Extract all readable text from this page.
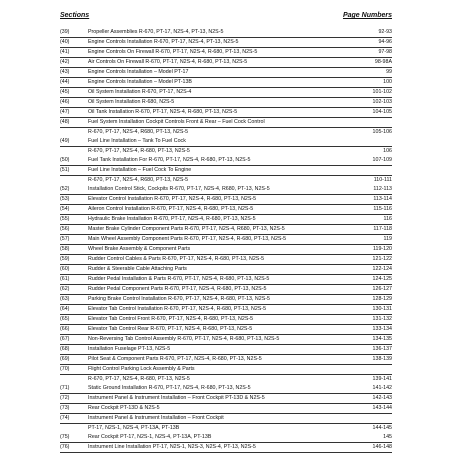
Sections	Page Numbers
(39)	Propeller Assemblies R-670, PT-17, N2S-4, PT-13, N2S-5	92-93
(40)	Engine Controls Installation R-670, PT-17, N2S-4, PT-13, N2S-5	94-96
(41)	Engine Controls On Firewall R-670, PT-17, N2S-4, R-680, PT-13, N2S-5	97-98
(42)	Air Controls On Firewall R-670, PT-17, N2S-4, R-680, PT-13, N2S-5	98-98A
(43)	Engine Controls Installation – Model PT-17	99
(44)	Engine Controls Installation – Model PT-13B	100
(45)	Oil System Installation R-670, PT-17, N2S-4	101-102
(46)	Oil System Installation R-680, N2S-5	102-103
(47)	Oil Tank Installation R-670, PT-17, N2S-4, R-680, PT-13, N2S-5	104-105
(48)	Fuel System Installation Cockpit Controls Front & Rear – Fuel Cock Control
R-670, PT-17, N2S-4, R680, PT-13, N2S-5	105-106
(49)	Fuel Line Installation – Tank To Fuel Cock
R-670, PT-17, N2S-4, R-680, PT-13, N2S-5	106
(50)	Fuel Tank Installation For R-670, PT-17, N2S-4, R-680, PT-13, N2S-5	107-109
(51)	Fuel Line Installation – Fuel Cock To Engine
R-670, PT-17, N2S-4, R680, PT-13, N2S-5	110-111
(52)	Installation Control Stick, Cockpits R-670, PT-17, N2S-4, R680, PT-13, N2S-5	112-113
(53)	Elevator Control Installation R-670, PT-17, N2S-4, R-680, PT-13, N2S-5	113-114
(54)	Aileron Control Installation R-670, PT-17, N2S-4, R-680, PT-13, N2S-5	115-116
(55)	Hydraulic Brake Installation R-670, PT-17, N2S-4, R-680, PT-13, N2S-5	116
(56)	Master Brake Cylinder Component Parts R-670, PT-17, N2S-4, R680, PT-13, N2S-5	117-118
(57)	Main Wheel Assembly Component Parts R-670, PT-17, N2S-4, R-680, PT-13, N2S-5	119
(58)	Wheel Brake Assembly & Component Parts	119-120
(59)	Rudder Control Cables & Parts R-670, PT-17, N2S-4, R-680, PT-13, N2S-5	121-122
(60)	Rudder & Steerable Cable Attaching Parts	122-124
(61)	Rudder Pedal Installation & Parts R-670, PT-17, N2S-4, R-680, PT-13, N2S-5	124-125
(62)	Rudder Pedal Component Parts R-670, PT-17, N2S-4, R-680, PT-13, N2S-5	126-127
(63)	Parking Brake Control Installation R-670, PT-17, N2S-4, R-680, PT-13, N2S-5	128-129
(64)	Elevator Tab Control Installation R-670, PT-17, N2S-4, R-680, PT-13, N2S-5	130-131
(65)	Elevator Tab Control Front R-670, PT-17, N2S-4, R-680, PT-13, N2S-5	131-132
(66)	Elevator Tab Control Rear R-670, PT-17, N2S-4, R-680, PT-13, N2S-5	133-134
(67)	Non-Reversing Tab Control Assembly R-670, PT-17, N2S-4, R-680, PT-13, N2S-5	134-135
(68)	Installation Fuselage PT-13, N2S-5	136-137
(69)	Pilot Seat & Component Parts R-670, PT-17, N2S-4, R-680, PT-13, N2S-5	138-139
(70)	Flight Control Parking Lock Assembly & Parts
R-670, PT-17, N2S-4, R-680, PT-13, N2S-5	139-141
(71)	Static Ground Installation R-670, PT-17, N2S-4, R-680, PT-13, N2S-5	141-142
(72)	Instrument Panel & Instrument Installation – Front Cockpit PT-13D & N2S-5	142-143
(73)	Rear Cockpit PT-13D & N2S-5	143-144
(74)	Instrument Panel & Instrument Installation – Front Cockpit
PT-17, N2S-1, N2S-4, PT-13A, PT-13B	144-145
(75)	Rear Cockpit PT-17, N2S-1, N2S-4, PT-13A, PT-13B	145
(76)	Instrument Line Installation PT-17, N2S-1, N2S-3, N2S-4, PT-13, N2S-5	146-148
